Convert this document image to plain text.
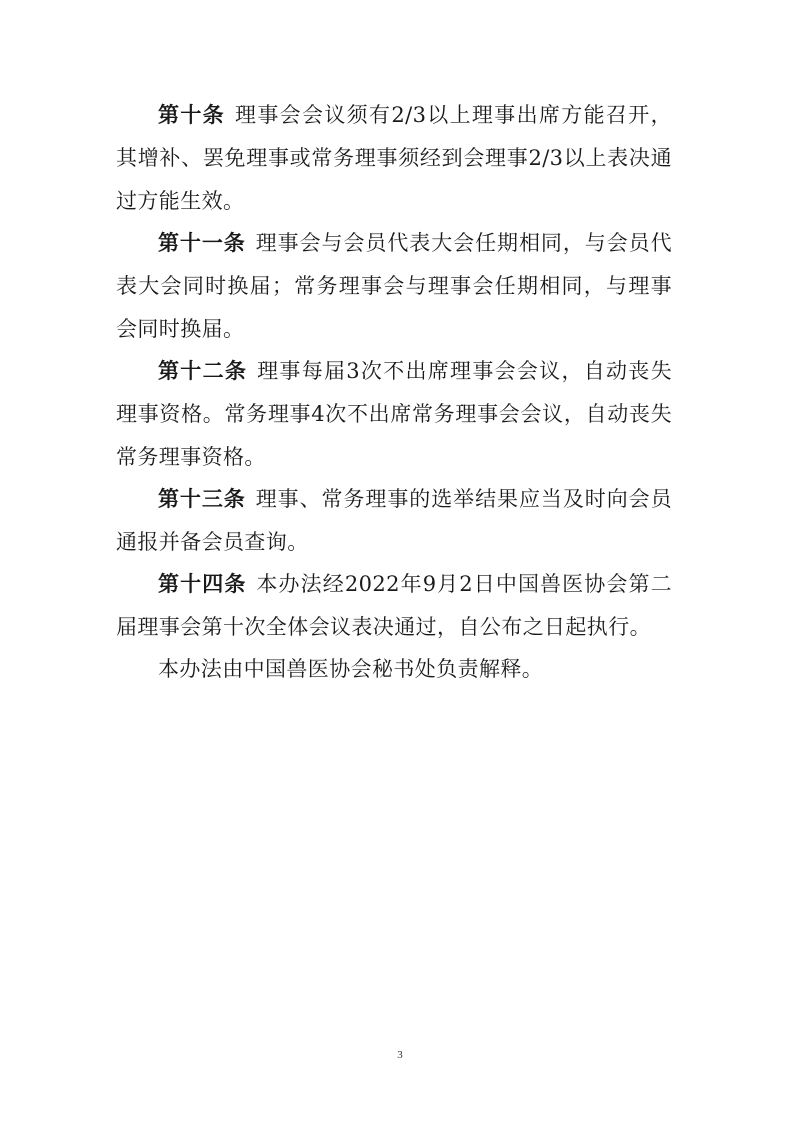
第十条 理事会会议须有2/3以上理事出席方能召开，其增补、罢免理事或常务理事须经到会理事2/3以上表决通过方能生效。

第十一条 理事会与会员代表大会任期相同，与会员代表大会同时换届；常务理事会与理事会任期相同，与理事会同时换届。

第十二条 理事每届3次不出席理事会会议，自动丧失理事资格。常务理事4次不出席常务理事会会议，自动丧失常务理事资格。

第十三条 理事、常务理事的选举结果应当及时向会员通报并备会员查询。

第十四条 本办法经2022年9月2日中国兽医协会第二届理事会第十次全体会议表决通过，自公布之日起执行。

本办法由中国兽医协会秘书处负责解释。

3
